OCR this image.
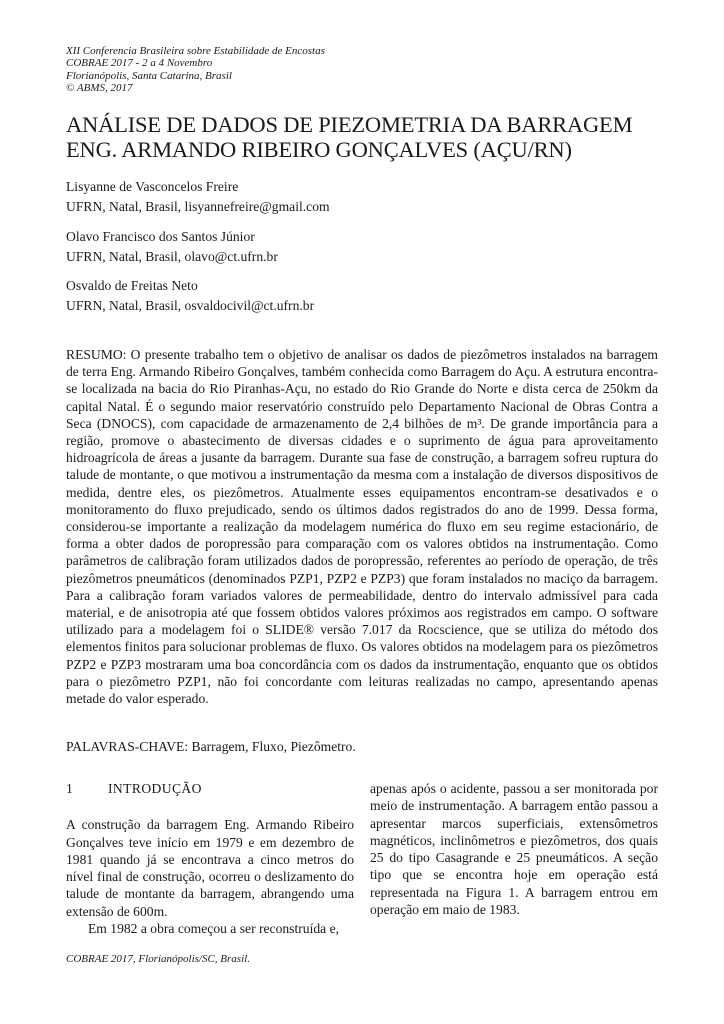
XII Conferencia Brasileira sobre Estabilidade de Encostas
COBRAE 2017 - 2 a 4 Novembro
Florianópolis, Santa Catarina, Brasil
© ABMS, 2017
ANÁLISE DE DADOS DE PIEZOMETRIA DA BARRAGEM
ENG. ARMANDO RIBEIRO GONÇALVES (AÇU/RN)
Lisyanne de Vasconcelos Freire
UFRN, Natal, Brasil, lisyannefreire@gmail.com
Olavo Francisco dos Santos Júnior
UFRN, Natal, Brasil, olavo@ct.ufrn.br
Osvaldo de Freitas Neto
UFRN, Natal, Brasil, osvaldocivil@ct.ufrn.br

RESUMO: O presente trabalho tem o objetivo de analisar os dados de piezômetros instalados na barragem de terra Eng. Armando Ribeiro Gonçalves, também conhecida como Barragem do Açu. A estrutura encontra-se localizada na bacia do Rio Piranhas-Açu, no estado do Rio Grande do Norte e dista cerca de 250km da capital Natal. É o segundo maior reservatório construído pelo Departamento Nacional de Obras Contra a Seca (DNOCS), com capacidade de armazenamento de 2,4 bilhões de m³. De grande importância para a região, promove o abastecimento de diversas cidades e o suprimento de água para aproveitamento hidroagrícola de áreas a jusante da barragem. Durante sua fase de construção, a barragem sofreu ruptura do talude de montante, o que motivou a instrumentação da mesma com a instalação de diversos dispositivos de medida, dentre eles, os piezômetros. Atualmente esses equipamentos encontram-se desativados e o monitoramento do fluxo prejudicado, sendo os últimos dados registrados do ano de 1999. Dessa forma, considerou-se importante a realização da modelagem numérica do fluxo em seu regime estacionário, de forma a obter dados de poropressão para comparação com os valores obtidos na instrumentação. Como parâmetros de calibração foram utilizados dados de poropressão, referentes ao período de operação, de três piezômetros pneumáticos (denominados PZP1, PZP2 e PZP3) que foram instalados no maciço da barragem. Para a calibração foram variados valores de permeabilidade, dentro do intervalo admissível para cada material, e de anisotropia até que fossem obtidos valores próximos aos registrados em campo. O software utilizado para a modelagem foi o SLIDE® versão 7.017 da Rocscience, que se utiliza do método dos elementos finitos para solucionar problemas de fluxo. Os valores obtidos na modelagem para os piezômetros PZP2 e PZP3 mostraram uma boa concordância com os dados da instrumentação, enquanto que os obtidos para o piezômetro PZP1, não foi concordante com leituras realizadas no campo, apresentando apenas metade do valor esperado.

PALAVRAS-CHAVE: Barragem, Fluxo, Piezômetro.
1	INTRODUÇÃO

A construção da barragem Eng. Armando Ribeiro Gonçalves teve início em 1979 e em dezembro de 1981 quando já se encontrava a cinco metros do nível final de construção, ocorreu o deslizamento do talude de montante da barragem, abrangendo uma extensão de 600m.

Em 1982 a obra começou a ser reconstruída e,

apenas após o acidente, passou a ser monitorada por meio de instrumentação. A barragem então passou a apresentar marcos superficiais, extensômetros magnéticos, inclinômetros e piezômetros, dos quais 25 do tipo Casagrande e 25 pneumáticos. A seção tipo que se encontra hoje em operação está representada na Figura 1. A barragem entrou em operação em maio de 1983.

COBRAE 2017, Florianópolis/SC, Brasil.
